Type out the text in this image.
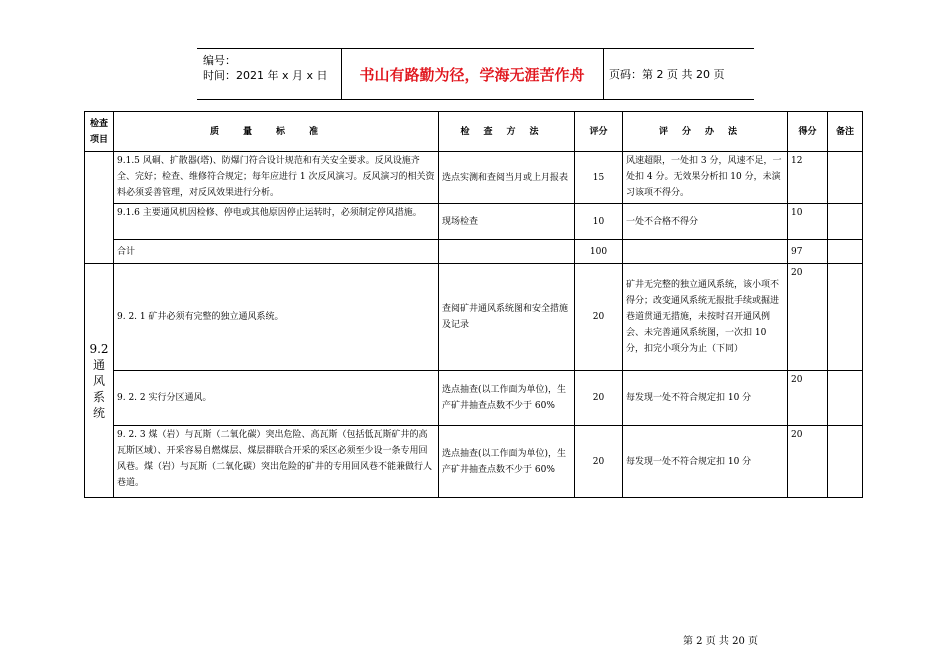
编号：
时间：2021 年 x 月 x 日	书山有路勤为径，学海无涯苦作舟	页码：第 2 页 共 20 页
检查项目	质量标准	检查方法	评分	评分办法	得分	备注
	9.1.5 风硐、扩散器(塔)、防爆门符合设计规范和有关安全要求。反风设施齐全、完好；检查、维修符合规定；每年应进行 1 次反风演习。反风演习的相关资料必须妥善管理，对反风效果进行分析。	选点实测和查阅当月或上月报表	15	风速超限，一处扣 3 分，风速不足，一处扣 4 分。无效果分析扣 10 分，未演习该项不得分。	12	
	9.1.6 主要通风机因检修、停电或其他原因停止运转时，必须制定停风措施。	现场检查	10	一处不合格不得分	10	
	合计		100		97	
9.2 通 风 系 统	9. 2. 1 矿井必须有完整的独立通风系统。	查阅矿井通风系统图和安全措施及记录	20	矿井无完整的独立通风系统，该小项不得分；改变通风系统无报批手续或掘进巷道贯通无措施，未按时召开通风例会、未完善通风系统图，一次扣 10 分，扣完小项分为止（下同）	20	
	9. 2. 2 实行分区通风。	选点抽查(以工作面为单位)，生产矿井抽查点数不少于 60%	20	每发现一处不符合规定扣 10 分	20	
	9. 2. 3 煤（岩）与瓦斯（二氧化碳）突出危险、高瓦斯（包括低瓦斯矿井的高瓦斯区域）、开采容易自燃煤层、煤层群联合开采的采区必须至少设一条专用回风巷。煤（岩）与瓦斯（二氧化碳）突出危险的矿井的专用回风巷不能兼做行人巷道。	选点抽查(以工作面为单位)，生产矿井抽查点数不少于 60%	20	每发现一处不符合规定扣 10 分	20	
第 2 页 共 20 页
